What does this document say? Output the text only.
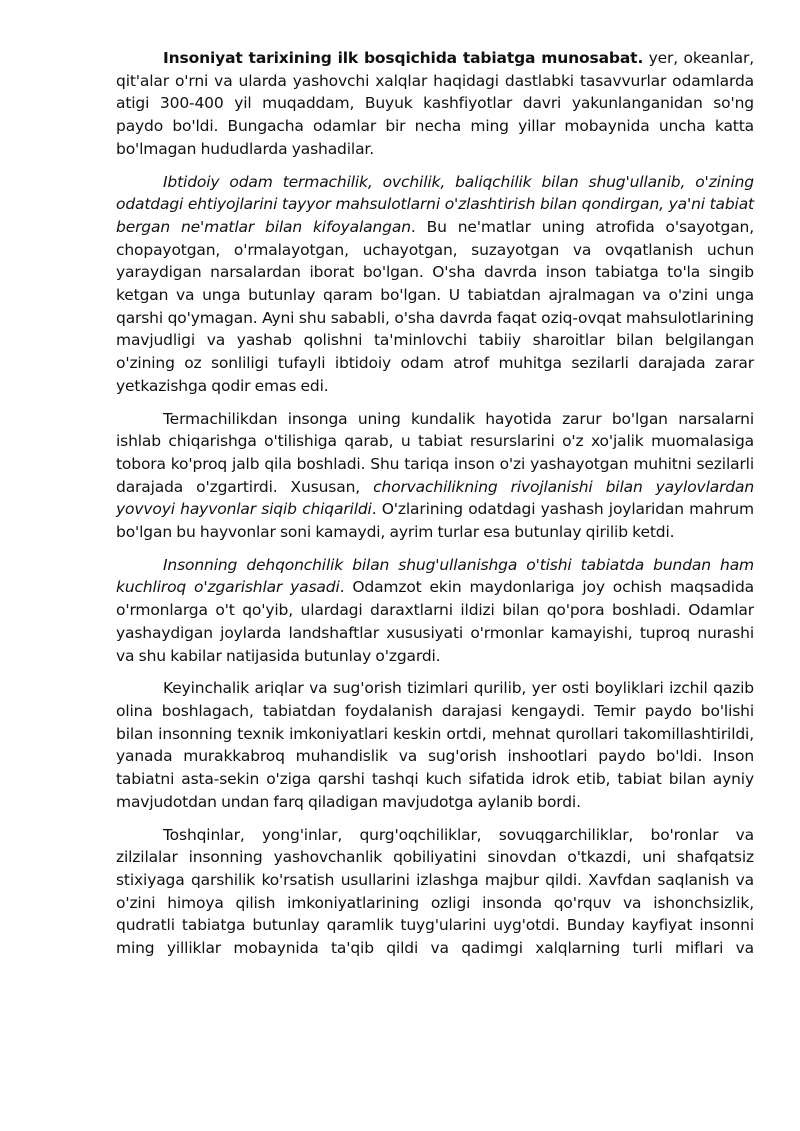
Insoniyat tarixining ilk bosqichida tabiatga munosabat. yer, okeanlar, qit'alar o'rni va ularda yashovchi xalqlar haqidagi dastlabki tasavvurlar odamlarda atigi 300-400 yil muqaddam, Buyuk kashfiyotlar davri yakunlanganidan so'ng paydo bo'ldi. Bungacha odamlar bir necha ming yillar mobaynida uncha katta bo'lmagan hududlarda yashadilar.

Ibtidoiy odam termachilik, ovchilik, baliqchilik bilan shug'ullanib, o'zining odatdagi ehtiyojlarini tayyor mahsulotlarni o'zlashtirish bilan qondirgan, ya'ni tabiat bergan ne'matlar bilan kifoyalangan. Bu ne'matlar uning atrofida o'sayotgan, chopayotgan, o'rmalayotgan, uchayotgan, suzayotgan va ovqatlanish uchun yaraydigan narsalardan iborat bo'lgan. O'sha davrda inson tabiatga to'la singib ketgan va unga butunlay qaram bo'lgan. U tabiatdan ajralmagan va o'zini unga qarshi qo'ymagan. Ayni shu sababli, o'sha davrda faqat oziq-ovqat mahsulotlarining mavjudligi va yashab qolishni ta'minlovchi tabiiy sharoitlar bilan belgilangan o'zining oz sonliligi tufayli ibtidoiy odam atrof muhitga sezilarli darajada zarar yetkazishga qodir emas edi.

Termachilikdan insonga uning kundalik hayotida zarur bo'lgan narsalarni ishlab chiqarishga o'tilishiga qarab, u tabiat resurslarini o'z xo'jalik muomalasiga tobora ko'proq jalb qila boshladi. Shu tariqa inson o'zi yashayotgan muhitni sezilarli darajada o'zgartirdi. Xususan, chorvachilikning rivojlanishi bilan yaylovlardan yovvoyi hayvonlar siqib chiqarildi. O'zlarining odatdagi yashash joylaridan mahrum bo'lgan bu hayvonlar soni kamaydi, ayrim turlar esa butunlay qirilib ketdi.

Insonning dehqonchilik bilan shug'ullanishga o'tishi tabiatda bundan ham kuchliroq o'zgarishlar yasadi. Odamzot ekin maydonlariga joy ochish maqsadida o'rmonlarga o't qo'yib, ulardagi daraxtlarni ildizi bilan qo'pora boshladi. Odamlar yashaydigan joylarda landshaftlar xususiyati o'rmonlar kamayishi, tuproq nurashi va shu kabilar natijasida butunlay o'zgardi.

Keyinchalik ariqlar va sug'orish tizimlari qurilib, yer osti boyliklari izchil qazib olina boshlagach, tabiatdan foydalanish darajasi kengaydi. Temir paydo bo'lishi bilan insonning texnik imkoniyatlari keskin ortdi, mehnat qurollari takomillashtirildi, yanada murakkabroq muhandislik va sug'orish inshootlari paydo bo'ldi. Inson tabiatni asta-sekin o'ziga qarshi tashqi kuch sifatida idrok etib, tabiat bilan ayniy mavjudotdan undan farq qiladigan mavjudotga aylanib bordi.

Toshqinlar, yong'inlar, qurg'oqchiliklar, sovuqgarchiliklar, bo'ronlar va zilzilalar insonning yashovchanlik qobiliyatini sinovdan o'tkazdi, uni shafqatsiz stixiyaga qarshilik ko'rsatish usullarini izlashga majbur qildi. Xavfdan saqlanish va o'zini himoya qilish imkoniyatlarining ozligi insonda qo'rquv va ishonchsizlik, qudratli tabiatga butunlay qaramlik tuyg'ularini uyg'otdi. Bunday kayfiyat insonni ming yilliklar mobaynida ta'qib qildi va qadimgi xalqlarning turli miflari va
